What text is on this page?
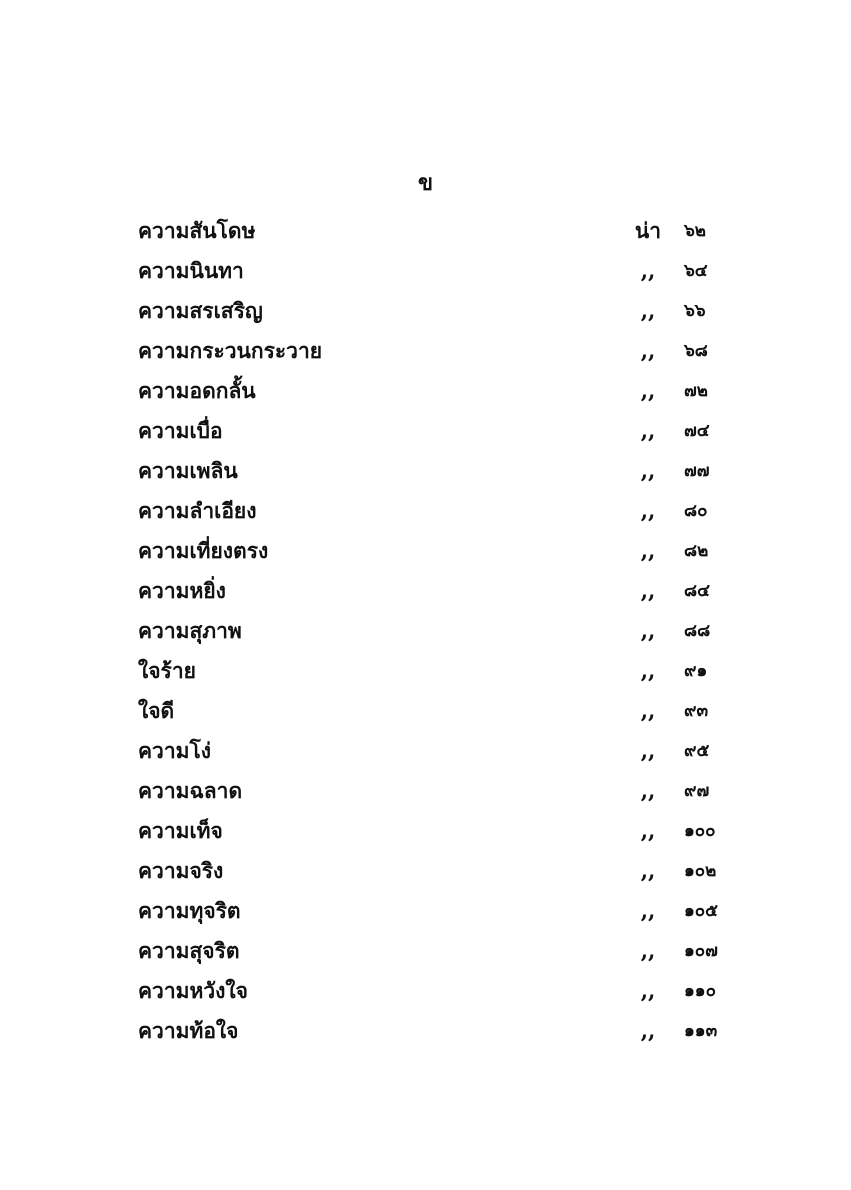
ข
ความสันโดษ	น่า	๖๒
ความนินทา	,,	๖๔
ความสรเสริญ	,,	๖๖
ความกระวนกระวาย	,,	๖๘
ความอดกลั้น	,,	๗๒
ความเบื่อ	,,	๗๔
ความเพลิน	,,	๗๗
ความลำเอียง	,,	๘๐
ความเที่ยงตรง	,,	๘๒
ความหยิ่ง	,,	๘๔
ความสุภาพ	,,	๘๘
ใจร้าย	,,	๙๑
ใจดี	,,	๙๓
ความโง่	,,	๙๕
ความฉลาด	,,	๙๗
ความเท็จ	,,	๑๐๐
ความจริง	,,	๑๐๒
ความทุจริต	,,	๑๐๕
ความสุจริต	,,	๑๐๗
ความหวังใจ	,,	๑๑๐
ความท้อใจ	,,	๑๑๓
